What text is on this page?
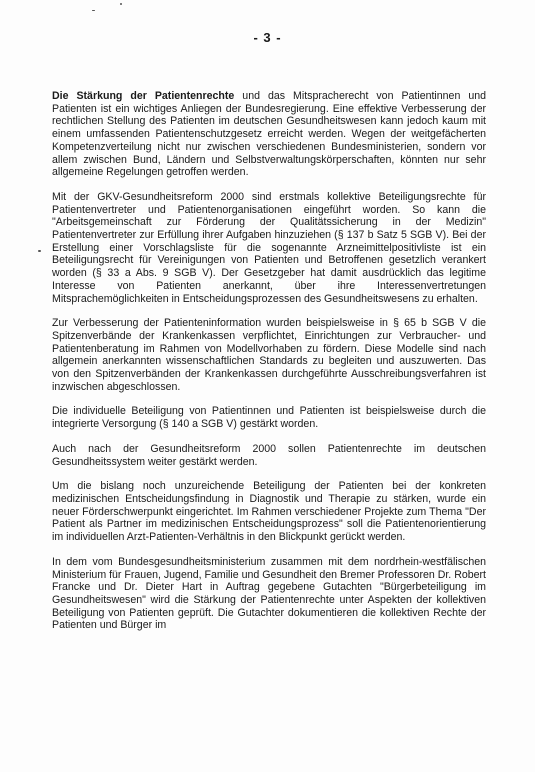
- 3 -

Die Stärkung der Patientenrechte und das Mitspracherecht von Patientinnen und Patienten ist ein wichtiges Anliegen der Bundesregierung. Eine effektive Verbesserung der rechtlichen Stellung des Patienten im deutschen Gesundheitswesen kann jedoch kaum mit einem umfassenden Patientenschutzgesetz erreicht werden. Wegen der weitgefächerten Kompetenzverteilung nicht nur zwischen verschiedenen Bundesministerien, sondern vor allem zwischen Bund, Ländern und Selbstverwaltungskörperschaften, könnten nur sehr allgemeine Regelungen getroffen werden.

Mit der GKV-Gesundheitsreform 2000 sind erstmals kollektive Beteiligungsrechte für Patientenvertreter und Patientenorganisationen eingeführt worden. So kann die "Arbeitsgemeinschaft zur Förderung der Qualitätssicherung in der Medizin" Patientenvertreter zur Erfüllung ihrer Aufgaben hinzuziehen (§ 137 b Satz 5 SGB V). Bei der Erstellung einer Vorschlagsliste für die sogenannte Arzneimittelpositivliste ist ein Beteiligungsrecht für Vereinigungen von Patienten und Betroffenen gesetzlich verankert worden (§ 33 a Abs. 9 SGB V). Der Gesetzgeber hat damit ausdrücklich das legitime Interesse von Patienten anerkannt, über ihre Interessenvertretungen Mitsprachemöglichkeiten in Entscheidungsprozessen des Gesundheitswesens zu erhalten.

Zur Verbesserung der Patienteninformation wurden beispielsweise in § 65 b SGB V die Spitzenverbände der Krankenkassen verpflichtet, Einrichtungen zur Verbraucher- und Patientenberatung im Rahmen von Modellvorhaben zu fördern. Diese Modelle sind nach allgemein anerkannten wissenschaftlichen Standards zu begleiten und auszuwerten. Das von den Spitzenverbänden der Krankenkassen durchgeführte Ausschreibungsverfahren ist inzwischen abgeschlossen.

Die individuelle Beteiligung von Patientinnen und Patienten ist beispielsweise durch die integrierte Versorgung (§ 140 a SGB V) gestärkt worden.

Auch nach der Gesundheitsreform 2000 sollen Patientenrechte im deutschen Gesundheitssystem weiter gestärkt werden.

Um die bislang noch unzureichende Beteiligung der Patienten bei der konkreten medizinischen Entscheidungsfindung in Diagnostik und Therapie zu stärken, wurde ein neuer Förderschwerpunkt eingerichtet. Im Rahmen verschiedener Projekte zum Thema "Der Patient als Partner im medizinischen Entscheidungsprozess" soll die Patientenorientierung im individuellen Arzt-Patienten-Verhältnis in den Blickpunkt gerückt werden.

In dem vom Bundesgesundheitsministerium zusammen mit dem nordrhein-westfälischen Ministerium für Frauen, Jugend, Familie und Gesundheit den Bremer Professoren Dr. Robert Francke und Dr. Dieter Hart in Auftrag gegebene Gutachten "Bürgerbeteiligung im Gesundheitswesen" wird die Stärkung der Patientenrechte unter Aspekten der kollektiven Beteiligung von Patienten geprüft. Die Gutachter dokumentieren die kollektiven Rechte der Patienten und Bürger im
